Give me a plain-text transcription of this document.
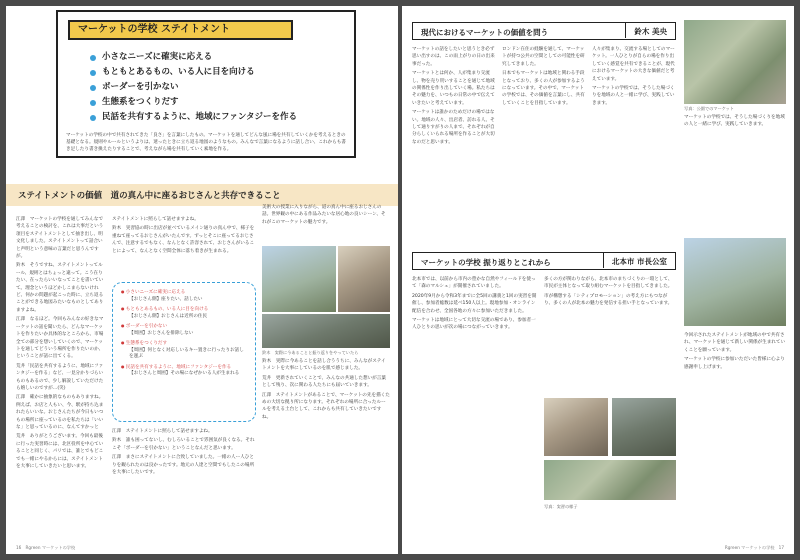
マーケットの学校 ステイトメント
小さなニーズに確実に応える
もともとあるもの、いる人に目を向ける
ボーダーを引かない
生態系をつくりだす
民話を共有するように、地域にファンタジーを作る
マーケットの学校の中で共有されてきた「良さ」を言葉にしたもの。マーケットを通してどんな風に場を共有していくかを考えるときの基礎となる。規則やルールというよりは、迷ったときに立ち返る地図のようなもの。みんなで言葉になるように話し合い、これからも書き足したり書き換えたりすることで、考えながら場を共有していく素地を作る。
ステイトメントの価値　道の真ん中に座るおじさんと共存できること

江澤　マーケットの学校を通してみんなで考えることの検討を、これは大事だという項目をステイトメントとして抽き出し、明文化しました。ステイトメントって話合いと声明という意味の言葉だと思うんですが。

鈴木　そうですね、ステイトメントってルール、規則とはちょっと違って。こう在りたい、在ったらいいなってことを書いていて。理念というほどかしこまらないけれど、何かの問題が起こった時に、立ち返ることができる地図みたいなものとしてありますよね。

江澤　なるほど。今回もみんなの好きなマーケットの話を聞いたら、どんなマーケットを作りたいか具体的なところから、市場全ての部分を想いしていくので、マーケットを通してどういう場所を作りたいのか、ということが話に出てくる。

荒井「民話を共有するように、地域にファンタジーを作る」など、一見分かりづらいものもあるので、少し解説していただけたら嬉しいのですが…(笑)

江澤　確かに抽象的なものもありますね。例えば、お店と人もい、今、駅が持ち込まれたらいいな。おじさんたちが今日もいつもの場所に座っているのを私たちは「いいな」と思っているのに、なんてすかっと

荒井　ありがとうございます。今回も最後に行った実習時には、北区役所を中心ていることと同じく、パリでは、誰とでもどこでも一緒にやるからには、ステイトメントを大事にしていきたいと思います。

ステイトメントに照らして話せますよね。

鈴木　実習協の時に出店が並べているメイン通りの真ん中で、様子を重ねて座ってるおじさんがいたんです。ずっとそこに座ってるおじさんで、注意するでもなく、なんとなく許容されて、おじさんがいることによって、なんとなく空間全体に落ち着きが生まれる。

● 小さいニーズに確実に応える
【おじさん側】座りたい、話したい
● もともとあるもの、いる人に目を向ける
【おじさん側】おじさんは近所の住民
● ボーダーを引かない
【周囲】おじさんを排除しない
● 生態系をつくりだす
【周囲】何となく対応しいるキー置きに行ったりお話しを運ぶ
● 民話を共有するように、地域にファンタジーを作る
【おじさんと周囲】その場になぜかいる人が生まれる

江澤　ステイトメントに照らして話せますよね。

鈴木　誰も困ってないし、むしろいることで雰囲気が良くなる。それこそ「ボーダーを引かない」ということなんだと思います。

江澤　まさにステイトメントに合致していました。一緒の人ー人ひとりを観られたのは良かったです。地元の人達と空間でもしたこの場所を大事にしたいです。

美術大の授業に入りながら、道の真ん中に座るおじさんの話。世界観の中にある作品みたいな居心地の良いシーン、それがこのマーケットの魅力です。

鈴木　実際に今あることと振り返りをやっていたら

鈴木　実際に今あることを話し合ううちに、みんながステイトメントを大事にしているのを肌で感じました。

荒井　更新されていくことで、みんなの共通した想いが言葉として残り、次に関わる人たちにも届いていきます。

江澤　ステイトメントがあることで、マーケットの先を描くための大切な拠り所になります。それぞれの場所に合ったルールを考える土台として、これからも共有していきたいですね。

16　Rgreen マーケットの学校
現代におけるマーケットの価値を問う	鈴木 美央
写真：公園でのマーケット

マーケットの話をしたいと思うとき必ず思い出すのは、この雨上がりの日の出来事だった。

マーケットとは何か、人が集まり交流し、物を売り買いすることを通じて地域の関係性を作り出していく場。私たちはその魅力を、いつもの日常の中で伝えていきたいと考えています。

マーケットは誰かのためだけの場ではない。地域の人々、出店者、訪れる人、そして通りすがりの人まで、それぞれが自分らしくいられる場所を作ることが大切なのだと思います。

ロンドン在住の経験を通して、マーケットが持つ公共の空間としての可能性を研究してきました。

日本でもマーケットは地域と関わる手段となっており、多くの人が参加するようになっています。その中で、マーケットの学校では、その価値を言葉にし、共有していくことを目指しています。

人々が集まり、交流する場としてのマーケット。一人ひとりが自らの場を作り出していく感覚を共有できることが、現代におけるマーケットの大きな価値だと考えています。

マーケットの学校では、そうした場づくりを地域の人と一緒に学び、実践していきます。

マーケットの学校では、そうした場づくりを地域の人と一緒に学び、実践していきます。

マーケットの学校 振り返りとこれから	北本市 市長公室

北本市では、以前から市内の豊かな自然やフィールドを使って「森のマルシェ」が開催されていました。

2020年9月から令和3年までに全5回の講義と1回の実習を開催し、参加者総数は延べ150人以上。現地参加・オンライン配信を合わせ、全国各地の方々に参加いただきました。

マーケットは地域にとって大切な交流の場であり、参加者一人ひとりの思いが次の場につながっていきます。

多くの方が関わりながら、北本市のまちづくりの一環として、市民が主体となって取り組むマーケットを目指してきました。

市が構想する「シティプロモーション」の考え方にもつながり、多くの人が北本の魅力を発信する担い手となっています。

写真：実習の様子

今回示されたステイトメントが地域の中で共有され、マーケットを通じて新しい関係が生まれていくことを願っています。

マーケットの学校に参加いただいた皆様に心より感謝申し上げます。

Rgreen マーケットの学校　17
